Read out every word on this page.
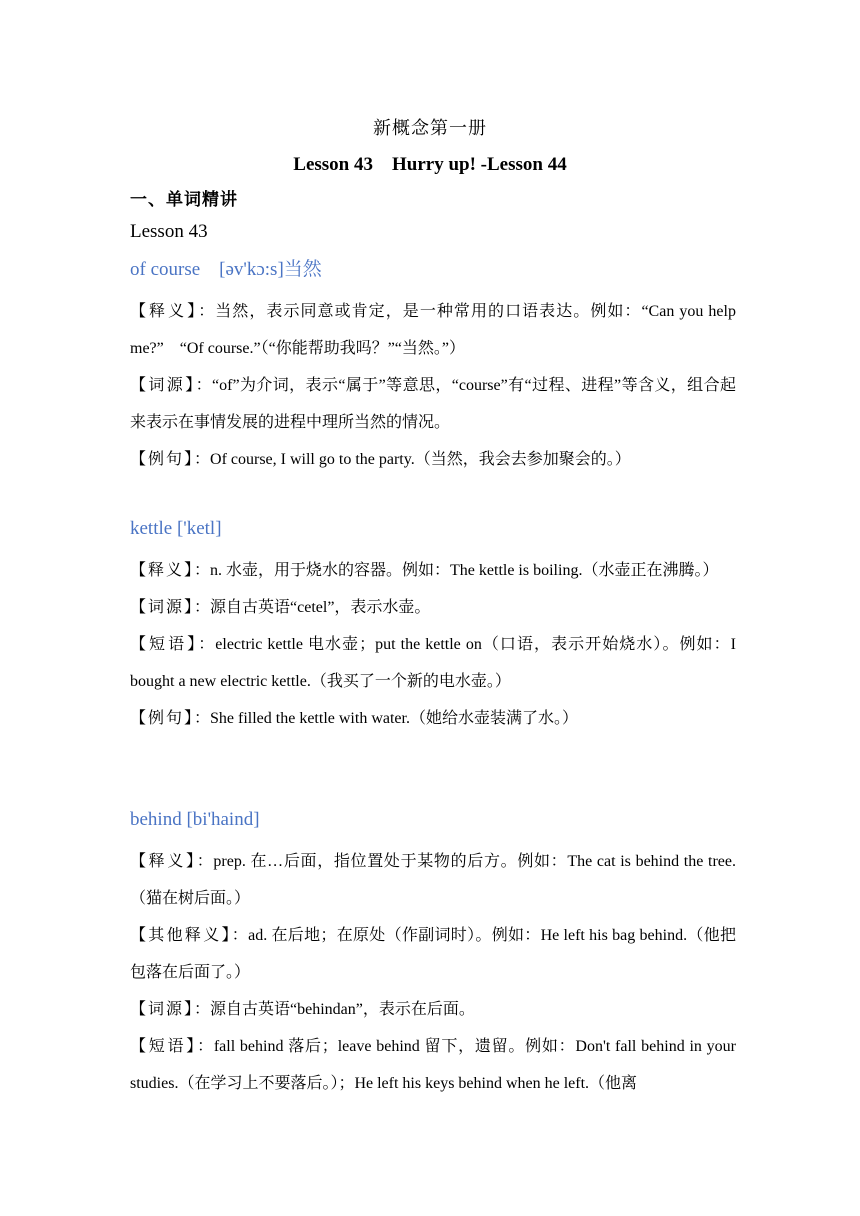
新概念第一册
Lesson 43　Hurry up! -Lesson 44
一、单词精讲
Lesson 43
of course　[əv'kɔ:s]当然
【释义】：当然，表示同意或肯定，是一种常用的口语表达。例如：“Can you help me?”　“Of course.”（“你能帮助我吗？”“当然。”）
【词源】：“of”为介词，表示“属于”等意思，“course”有“过程、进程”等含义，组合起来表示在事情发展的进程中理所当然的情况。
【例句】：Of course, I will go to the party.（当然，我会去参加聚会的。）
kettle ['ketl]
【释义】：n. 水壶，用于烧水的容器。例如：The kettle is boiling.（水壶正在沸腾。）
【词源】：源自古英语“cetel”，表示水壶。
【短语】：electric kettle 电水壶；put the kettle on（口语，表示开始烧水）。例如：I bought a new electric kettle.（我买了一个新的电水壶。）
【例句】：She filled the kettle with water.（她给水壶装满了水。）
behind [bi'haind]
【释义】：prep. 在…后面，指位置处于某物的后方。例如：The cat is behind the tree.（猫在树后面。）
【其他释义】：ad. 在后地；在原处（作副词时）。例如：He left his bag behind.（他把包落在后面了。）
【词源】：源自古英语“behindan”，表示在后面。
【短语】：fall behind 落后；leave behind 留下，遗留。例如：Don't fall behind in your studies.（在学习上不要落后。）；He left his keys behind when he left.（他离
